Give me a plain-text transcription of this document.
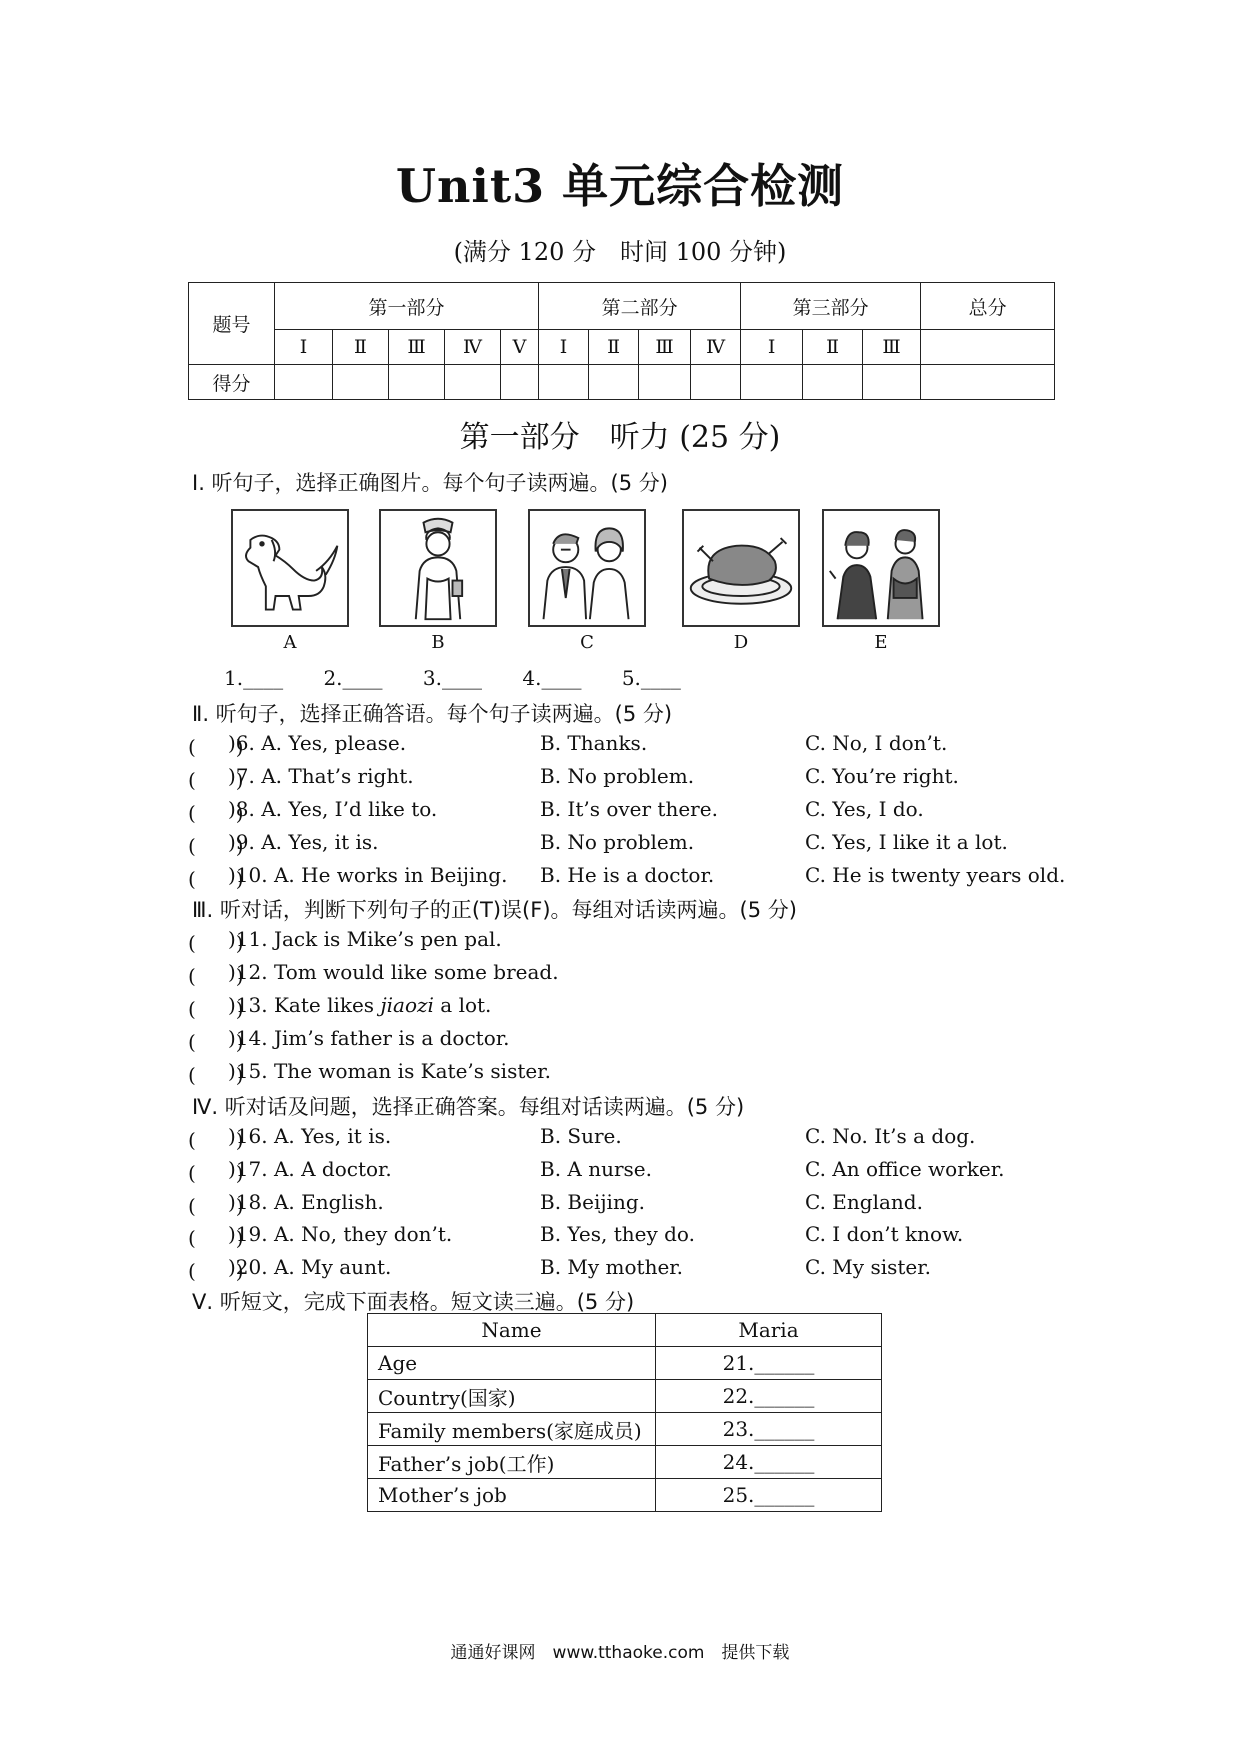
Unit3 单元综合检测
(满分 120 分　时间 100 分钟)
题号	第一部分					第二部分				第三部分			总分
	Ⅰ	Ⅱ	Ⅲ	Ⅳ	Ⅴ	Ⅰ	Ⅱ	Ⅲ	Ⅳ	Ⅰ	Ⅱ	Ⅲ	
得分													
第一部分　听力 (25 分)
Ⅰ. 听句子，选择正确图片。每个句子读两遍。(5 分)
A	B	C	D	E
1.____ 2.____ 3.____ 4.____ 5.____
Ⅱ. 听句子，选择正确答语。每个句子读两遍。(5 分)
(　　)
)6. A. Yes, please.	B. Thanks.	C. No, I don’t.
(　　)
)7. A. That’s right.	B. No problem.	C. You’re right.
(　　)
)8. A. Yes, I’d like to.	B. It’s over there.	C. Yes, I do.
(　　)
)9. A. Yes, it is.	B. No problem.	C. Yes, I like it a lot.
(　　)
)10. A. He works in Beijing. B. He is a doctor.	C. He is twenty years old.
Ⅲ. 听对话，判断下列句子的正(T)误(F)。每组对话读两遍。(5 分)
(　　)
)11. Jack is Mike’s pen pal.
(　　)
)12. Tom would like some bread.
(　　)
)13. Kate likes jiaozi a lot.
(　　)
)14. Jim’s father is a doctor.
(　　)
)15. The woman is Kate’s sister.
Ⅳ. 听对话及问题，选择正确答案。每组对话读两遍。(5 分)
(　　)
)16. A. Yes, it is.	B. Sure.	C. No. It’s a dog.
(　　)
)17. A. A doctor.	B. A nurse.	C. An office worker.
(　　)
)18. A. English.	B. Beijing.	C. England.
(　　)
)19. A. No, they don’t.	B. Yes, they do.	C. I don’t know.
(　　)
)20. A. My aunt.	B. My mother.	C. My sister.
Ⅴ. 听短文，完成下面表格。短文读三遍。(5 分)
Name	Maria
Age	21.______
Country(国家)	22.______
Family members(家庭成员)	23.______
Father’s job(工作)	24.______
Mother’s job	25.______
通通好课网　www.tthaoke.com　提供下载
